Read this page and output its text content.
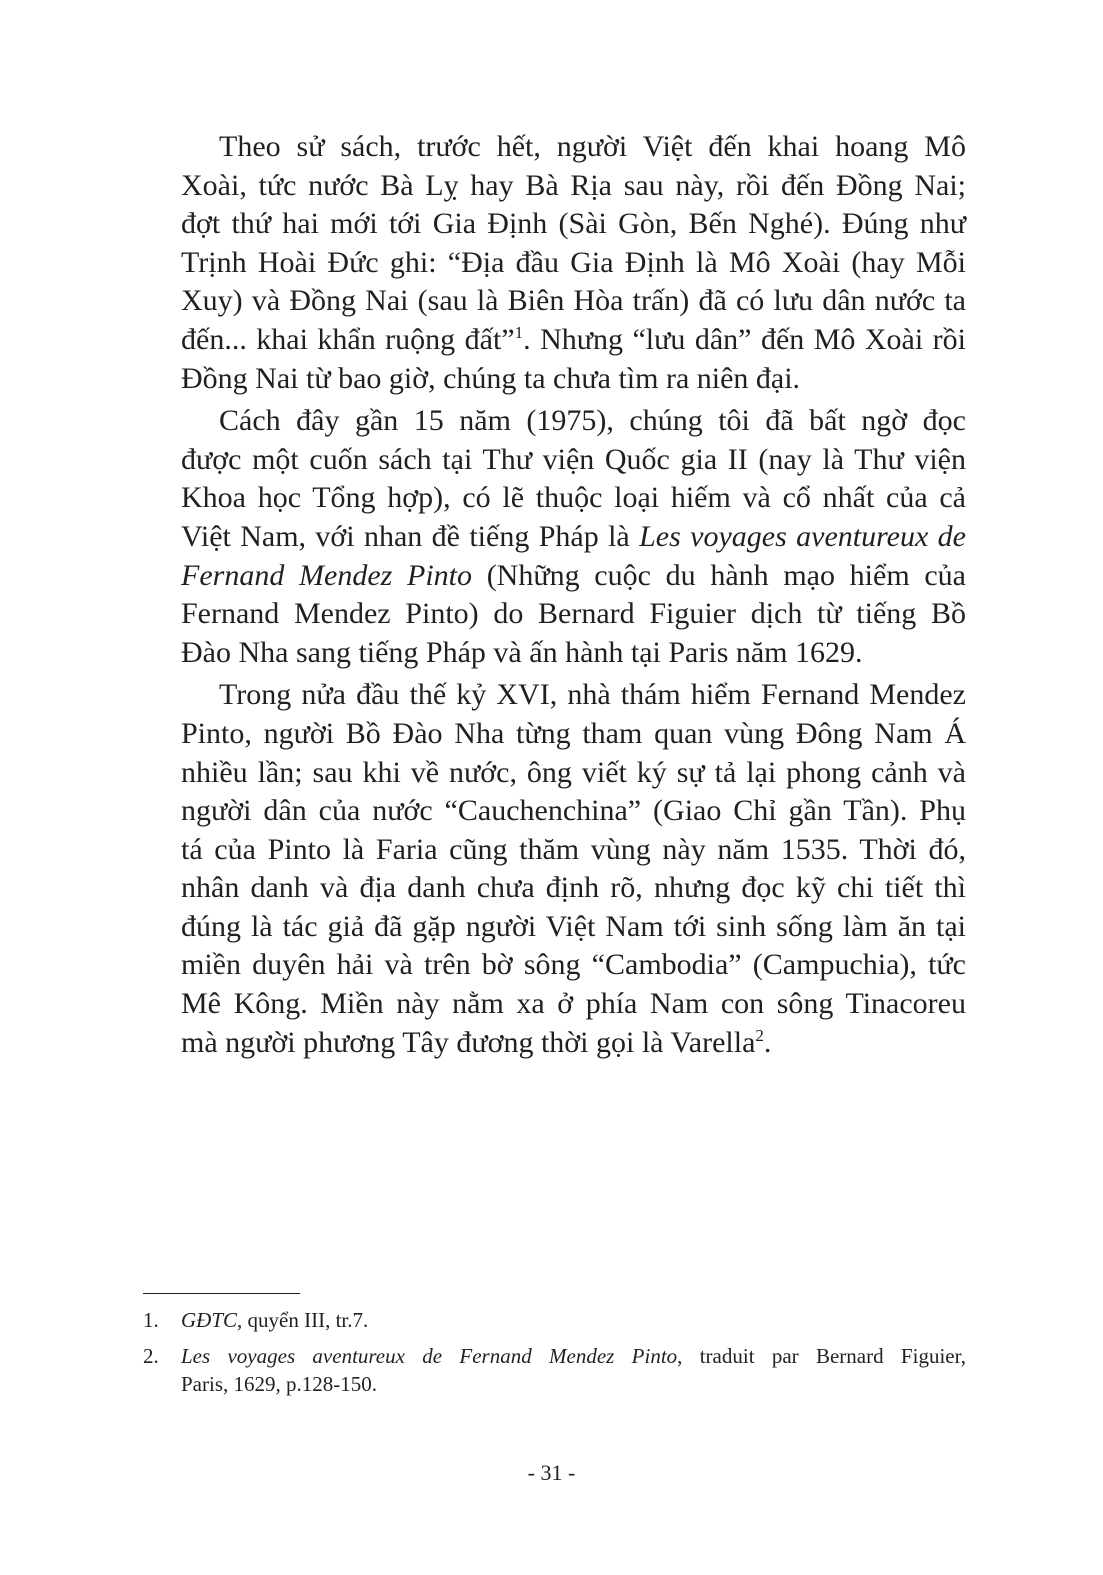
Theo sử sách, trước hết, người Việt đến khai hoang Mô
Xoài, tức nước Bà Lỵ hay Bà Rịa sau này, rồi đến Đồng Nai;
đợt thứ hai mới tới Gia Định (Sài Gòn, Bến Nghé). Đúng như
Trịnh Hoài Đức ghi: “Địa đầu Gia Định là Mô Xoài (hay Mỗi
Xuy) và Đồng Nai (sau là Biên Hòa trấn) đã có lưu dân nước ta
đến... khai khẩn ruộng đất”$^1$. Nhưng “lưu dân” đến Mô Xoài rồi
Đồng Nai từ bao giờ, chúng ta chưa tìm ra niên đại.
Cách đây gần 15 năm (1975), chúng tôi đã bất ngờ đọc
được một cuốn sách tại Thư viện Quốc gia II (nay là Thư viện
Khoa học Tổng hợp), có lẽ thuộc loại hiếm và cổ nhất của cả
Việt Nam, với nhan đề tiếng Pháp là Les voyages aventureux de
Fernand Mendez Pinto (Những cuộc du hành mạo hiểm của
Fernand Mendez Pinto) do Bernard Figuier dịch từ tiếng Bồ
Đào Nha sang tiếng Pháp và ấn hành tại Paris năm 1629.
Trong nửa đầu thế kỷ XVI, nhà thám hiểm Fernand Mendez
Pinto, người Bồ Đào Nha từng tham quan vùng Đông Nam Á
nhiều lần; sau khi về nước, ông viết ký sự tả lại phong cảnh và
người dân của nước “Cauchenchina” (Giao Chỉ gần Tần). Phụ
tá của Pinto là Faria cũng thăm vùng này năm 1535. Thời đó,
nhân danh và địa danh chưa định rõ, nhưng đọc kỹ chi tiết thì
đúng là tác giả đã gặp người Việt Nam tới sinh sống làm ăn tại
miền duyên hải và trên bờ sông “Cambodia” (Campuchia), tức
Mê Kông. Miền này nằm xa ở phía Nam con sông Tinacoreu
mà người phương Tây đương thời gọi là Varella$^2$.
1.	GĐTC, quyển III, tr.7.
2.	Les voyages aventureux de Fernand Mendez Pinto, traduit par Bernard Figuier,
Paris, 1629, p.128-150.
- 31 -
